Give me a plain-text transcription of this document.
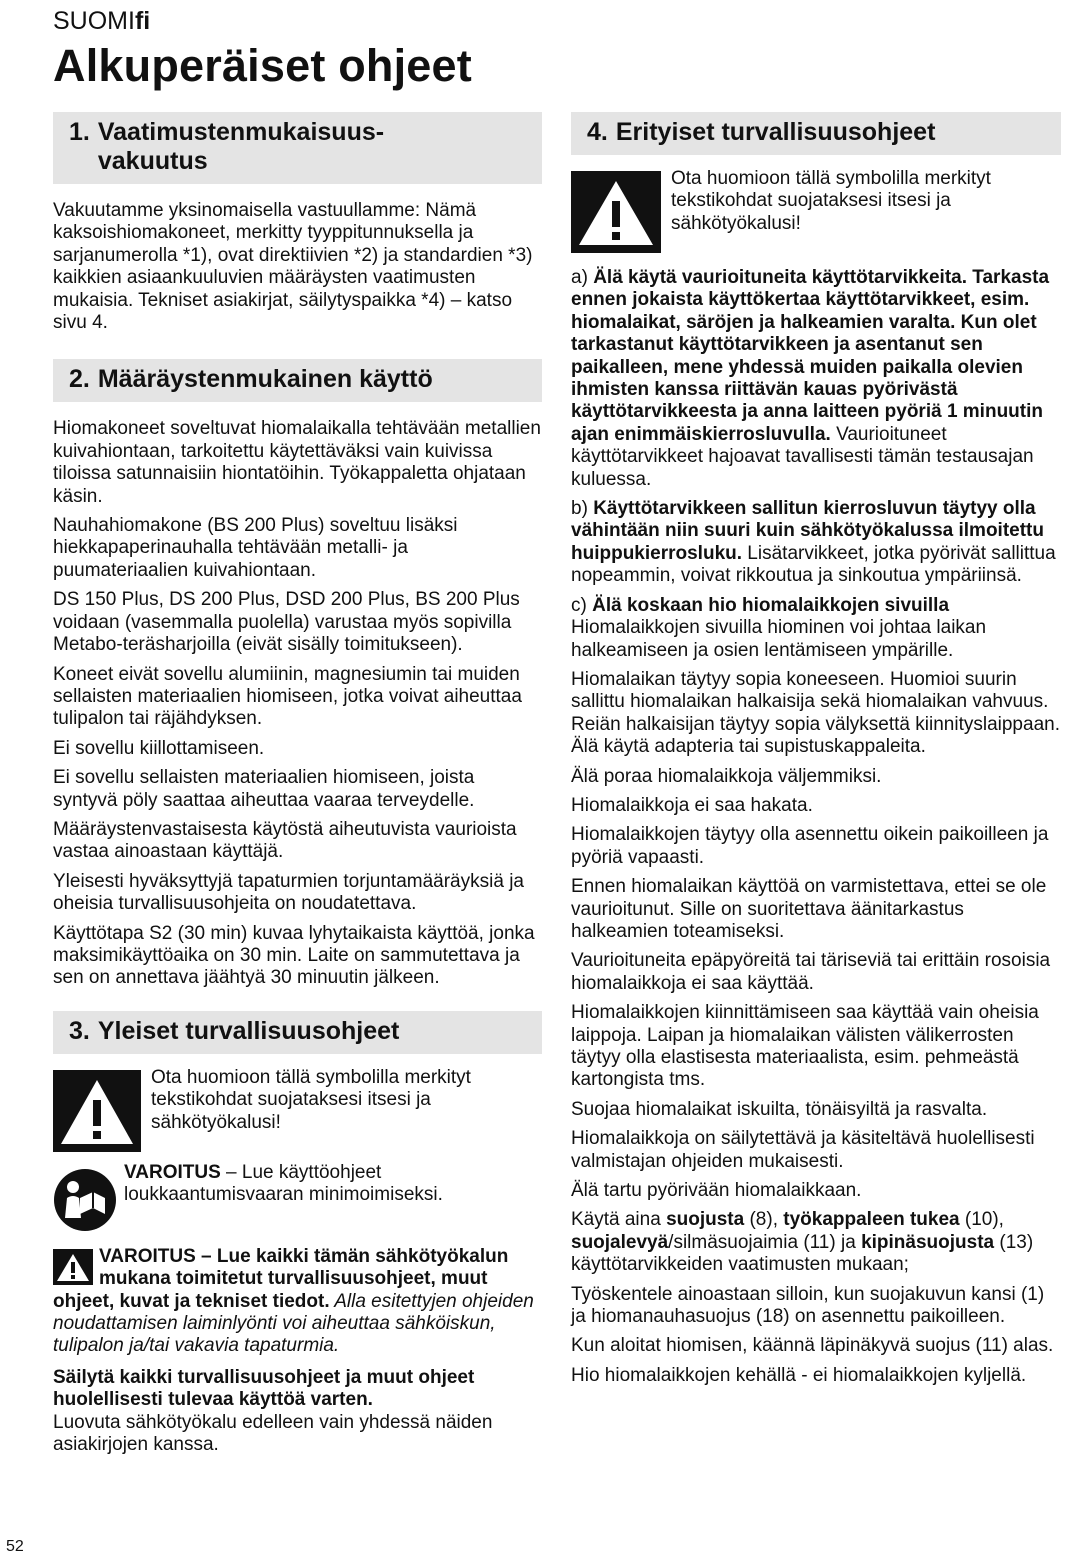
SUOMIfi
Alkuperäiset ohjeet
1. Vaatimustenmukaisuus-
vakuutus

Vakuutamme yksinomaisella vastuullamme: Nämä kaksoishiomakoneet, merkitty tyyppitunnuksella ja sarjanumerolla *1), ovat direktiivien *2) ja standardien *3) kaikkien asiaankuuluvien määräysten vaatimusten mukaisia. Tekniset asiakirjat, säilytyspaikka *4) – katso sivu 4.

2. Määräystenmukainen käyttö

Hiomakoneet soveltuvat hiomalaikalla tehtävään metallien kuivahiontaan, tarkoitettu käytettäväksi vain kuivissa tiloissa satunnaisiin hiontatöihin. Työkappaletta ohjataan käsin.

Nauhahiomakone (BS 200 Plus) soveltuu lisäksi hiekkapaperinauhalla tehtävään metalli- ja puumateriaalien kuivahiontaan.

DS 150 Plus, DS 200 Plus, DSD 200 Plus, BS 200 Plus voidaan (vasemmalla puolella) varustaa myös sopivilla Metabo-teräsharjoilla (eivät sisälly toimitukseen).

Koneet eivät sovellu alumiinin, magnesiumin tai muiden sellaisten materiaalien hiomiseen, jotka voivat aiheuttaa tulipalon tai räjähdyksen.

Ei sovellu kiillottamiseen.

Ei sovellu sellaisten materiaalien hiomiseen, joista syntyvä pöly saattaa aiheuttaa vaaraa terveydelle.

Määräystenvastaisesta käytöstä aiheutuvista vaurioista vastaa ainoastaan käyttäjä.

Yleisesti hyväksyttyjä tapaturmien torjuntamääräyksiä ja oheisia turvallisuusohjeita on noudatettava.

Käyttötapa S2 (30 min) kuvaa lyhytaikaista käyttöä, jonka maksimikäyttöaika on 30 min. Laite on sammutettava ja sen on annettava jäähtyä 30 minuutin jälkeen.

3. Yleiset turvallisuusohjeet
Ota huomioon tällä symbolilla merkityt tekstikohdat suojataksesi itsesi ja sähkötyökalusi!
VAROITUS – Lue käyttöohjeet loukkaantumisvaaran minimoimiseksi.

VAROITUS – Lue kaikki tämän sähkötyökalun mukana toimitetut turvallisuusohjeet, muut ohjeet, kuvat ja tekniset tiedot. Alla esitettyjen ohjeiden noudattamisen laiminlyönti voi aiheuttaa sähköiskun, tulipalon ja/tai vakavia tapaturmia.

Säilytä kaikki turvallisuusohjeet ja muut ohjeet huolellisesti tulevaa käyttöä varten.
Luovuta sähkötyökalu edelleen vain yhdessä näiden asiakirjojen kanssa.

4. Erityiset turvallisuusohjeet
Ota huomioon tällä symbolilla merkityt tekstikohdat suojataksesi itsesi ja sähkötyökalusi!

a) Älä käytä vaurioituneita käyttötarvikkeita. Tarkasta ennen jokaista käyttökertaa käyttötarvikkeet, esim. hiomalaikat, säröjen ja halkeamien varalta. Kun olet tarkastanut käyttötarvikkeen ja asentanut sen paikalleen, mene yhdessä muiden paikalla olevien ihmisten kanssa riittävän kauas pyörivästä käyttötarvikkeesta ja anna laitteen pyöriä 1 minuutin ajan enimmäiskierrosluvulla. Vaurioituneet käyttötarvikkeet hajoavat tavallisesti tämän testausajan kuluessa.

b) Käyttötarvikkeen sallitun kierrosluvun täytyy olla vähintään niin suuri kuin sähkötyökalussa ilmoitettu huippukierrosluku. Lisätarvikkeet, jotka pyörivät sallittua nopeammin, voivat rikkoutua ja sinkoutua ympäriinsä.

c) Älä koskaan hio hiomalaikkojen sivuilla Hiomalaikkojen sivuilla hiominen voi johtaa laikan halkeamiseen ja osien lentämiseen ympärille.

Hiomalaikan täytyy sopia koneeseen. Huomioi suurin sallittu hiomalaikan halkaisija sekä hiomalaikan vahvuus. Reiän halkaisijan täytyy sopia välyksettä kiinnityslaippaan. Älä käytä adapteria tai supistuskappaleita.

Älä poraa hiomalaikkoja väljemmiksi.

Hiomalaikkoja ei saa hakata.

Hiomalaikkojen täytyy olla asennettu oikein paikoilleen ja pyöriä vapaasti.

Ennen hiomalaikan käyttöä on varmistettava, ettei se ole vaurioitunut. Sille on suoritettava äänitarkastus halkeamien toteamiseksi.

Vaurioituneita epäpyöreitä tai täriseviä tai erittäin rosoisia hiomalaikkoja ei saa käyttää.

Hiomalaikkojen kiinnittämiseen saa käyttää vain oheisia laippoja. Laipan ja hiomalaikan välisten välikerrosten täytyy olla elastisesta materiaalista, esim. pehmeästä kartongista tms.

Suojaa hiomalaikat iskuilta, tönäisyiltä ja rasvalta.

Hiomalaikkoja on säilytettävä ja käsiteltävä huolellisesti valmistajan ohjeiden mukaisesti.

Älä tartu pyörivään hiomalaikkaan.

Käytä aina suojusta (8), työkappaleen tukea (10), suojalevyä/silmäsuojaimia (11) ja kipinäsuojusta (13) käyttötarvikkeiden vaatimusten mukaan;

Työskentele ainoastaan silloin, kun suojakuvun kansi (1) ja hiomanauhasuojus (18) on asennettu paikoilleen.

Kun aloitat hiomisen, käännä läpinäkyvä suojus (11) alas.

Hio hiomalaikkojen kehällä - ei hiomalaikkojen kyljellä.

52
